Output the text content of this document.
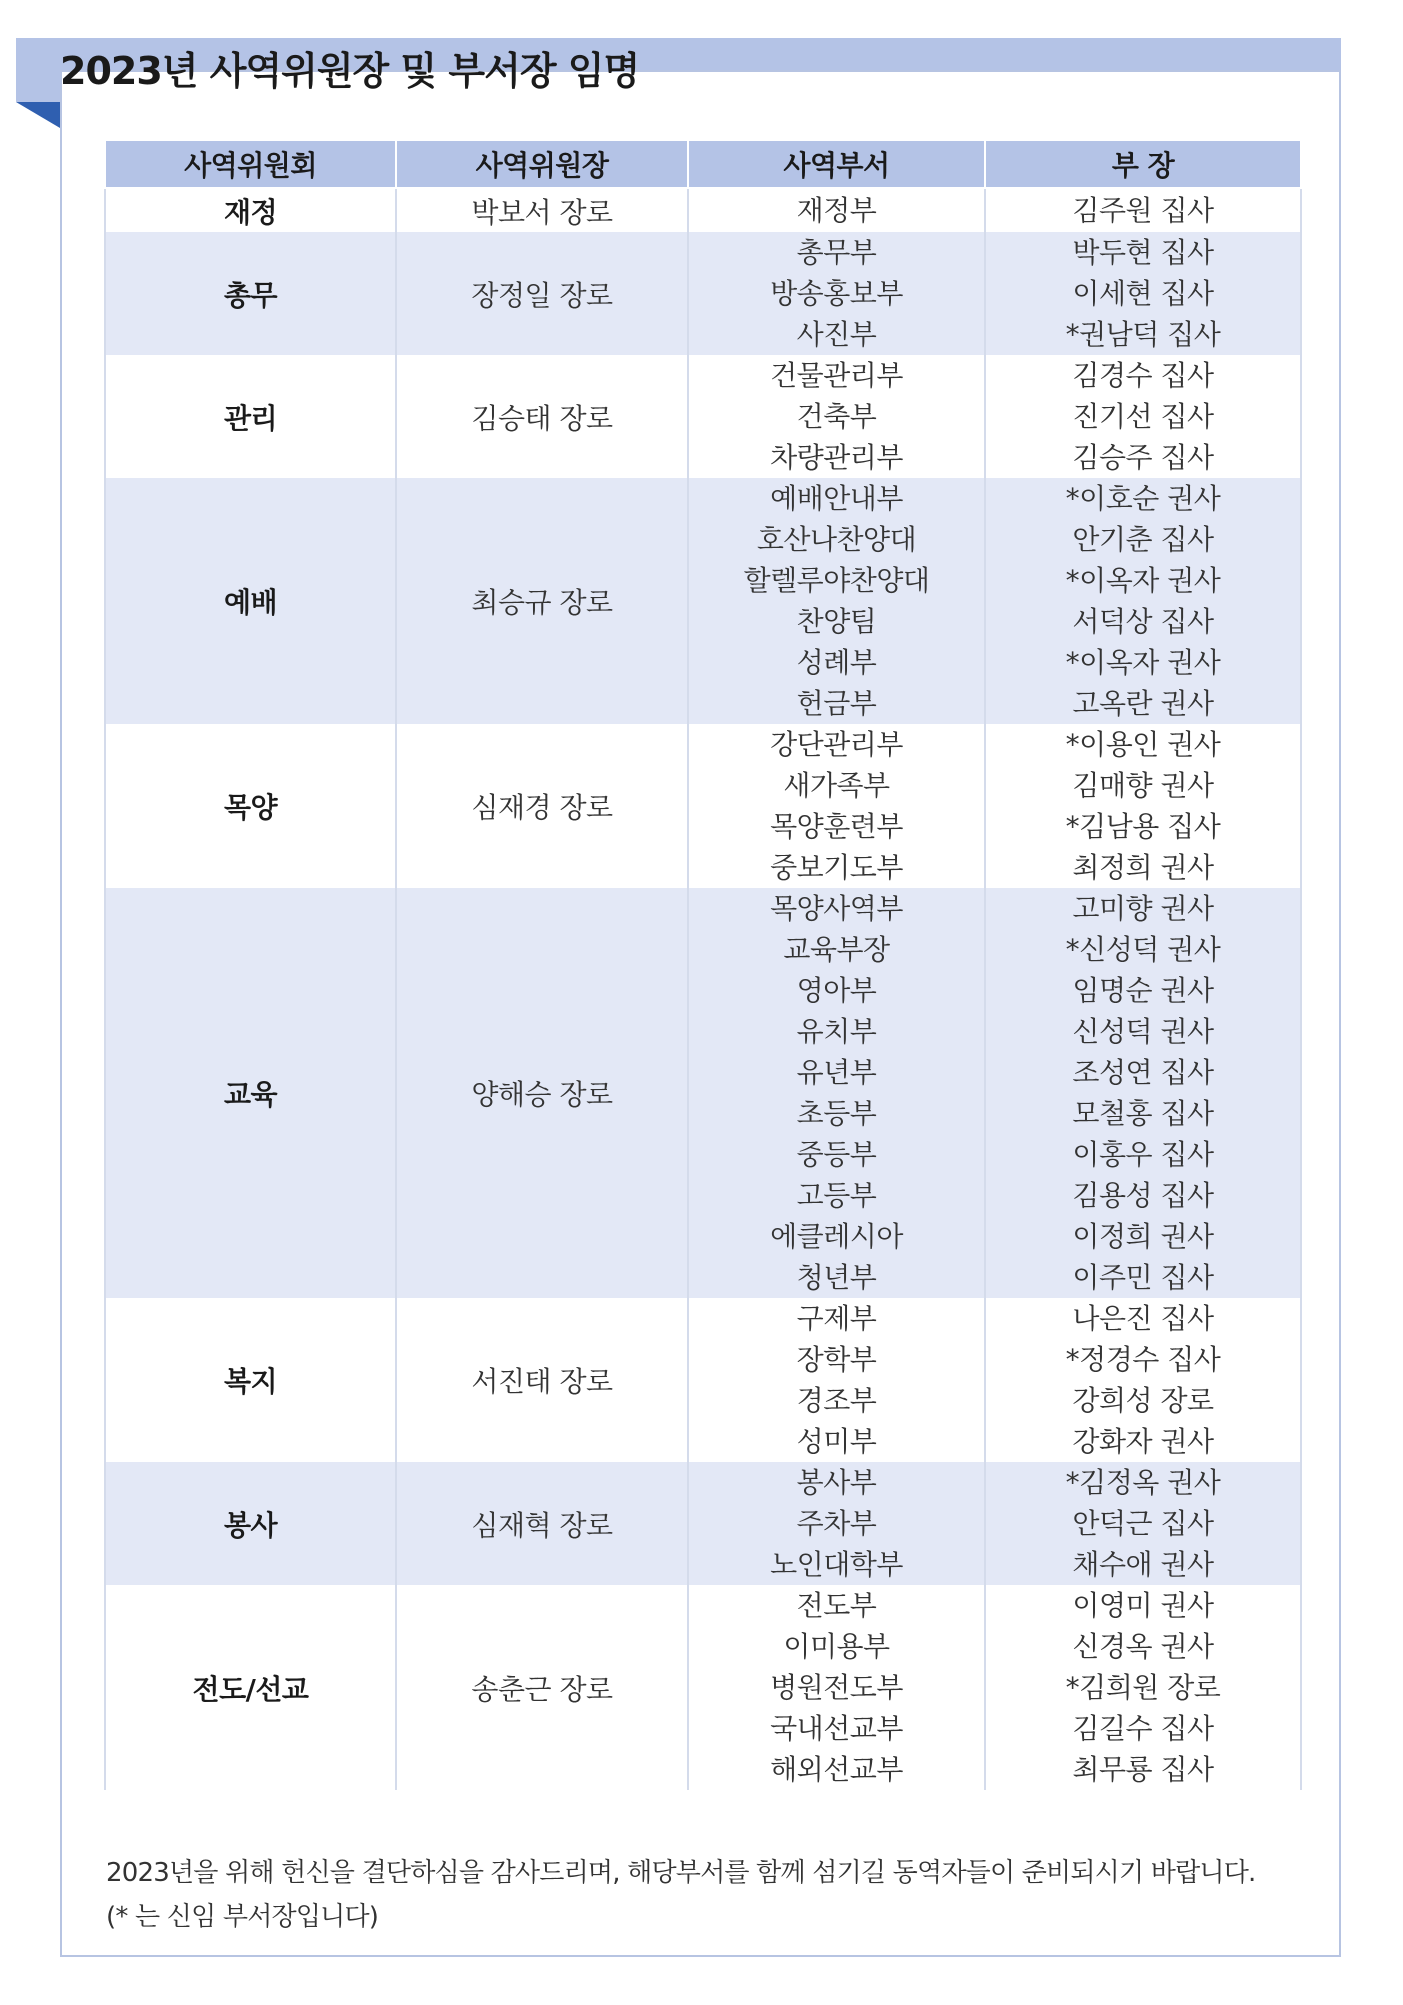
2023년 사역위원장 및 부서장 임명
사역위원회	사역위원장	사역부서	부 장
재정	박보서 장로	재정부	김주원 집사
총무	장정일 장로	총무부	박두현 집사
		방송홍보부	이세현 집사
		사진부	*권남덕 집사
관리	김승태 장로	건물관리부	김경수 집사
		건축부	진기선 집사
		차량관리부	김승주 집사
예배	최승규 장로	예배안내부	*이호순 권사
		호산나찬양대	안기춘 집사
		할렐루야찬양대	*이옥자 권사
		찬양팀	서덕상 집사
		성례부	*이옥자 권사
		헌금부	고옥란 권사
목양	심재경 장로	강단관리부	*이용인 권사
		새가족부	김매향 권사
		목양훈련부	*김남용 집사
		중보기도부	최정희 권사
교육	양해승 장로	목양사역부	고미향 권사
		교육부장	*신성덕 권사
		영아부	임명순 권사
		유치부	신성덕 권사
		유년부	조성연 집사
		초등부	모철홍 집사
		중등부	이홍우 집사
		고등부	김용성 집사
		에클레시아	이정희 권사
		청년부	이주민 집사
복지	서진태 장로	구제부	나은진 집사
		장학부	*정경수 집사
		경조부	강희성 장로
		성미부	강화자 권사
봉사	심재혁 장로	봉사부	*김정옥 권사
		주차부	안덕근 집사
		노인대학부	채수애 권사
전도/선교	송춘근 장로	전도부	이영미 권사
		이미용부	신경옥 권사
		병원전도부	*김희원 장로
		국내선교부	김길수 집사
		해외선교부	최무룡 집사
2023년을 위해 헌신을 결단하심을 감사드리며, 해당부서를 함께 섬기길 동역자들이 준비되시기 바랍니다.
(* 는 신임 부서장입니다)
